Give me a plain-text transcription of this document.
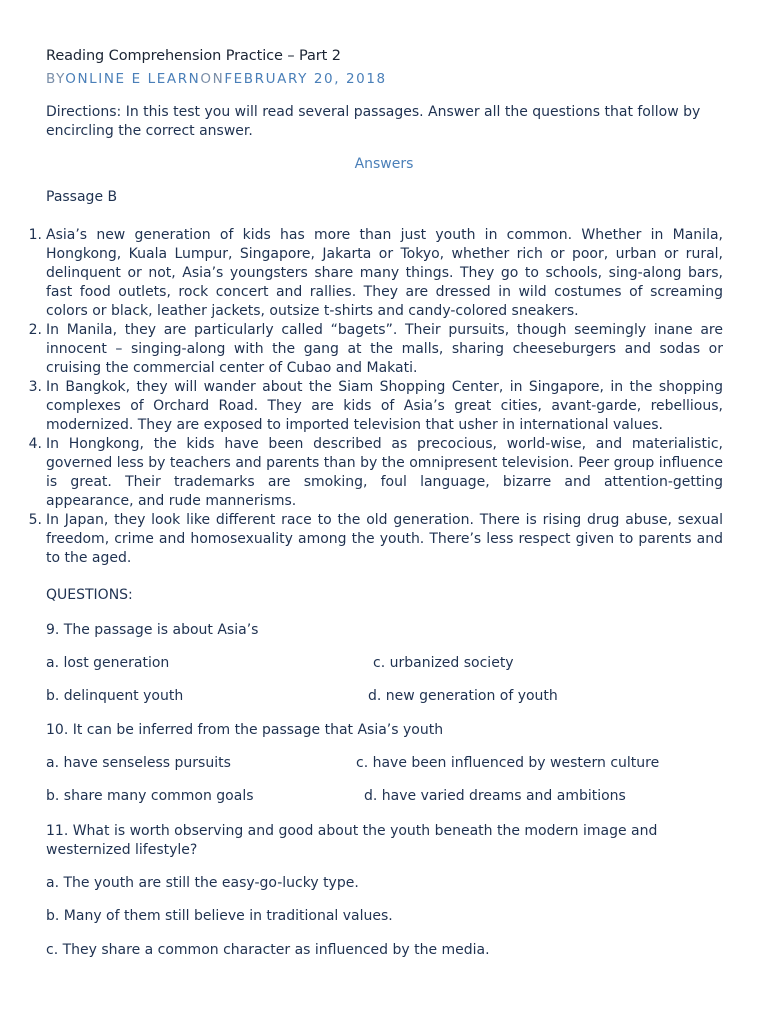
Reading Comprehension Practice – Part 2
BYONLINE E LEARNONFEBRUARY 20, 2018
Directions: In this test you will read several passages. Answer all the questions that follow by encircling the correct answer.
Answers
Passage B
1. Asia’s new generation of kids has more than just youth in common. Whether in Manila, Hongkong, Kuala Lumpur, Singapore, Jakarta or Tokyo, whether rich or poor, urban or rural, delinquent or not, Asia’s youngsters share many things. They go to schools, sing-along bars, fast food outlets, rock concert and rallies. They are dressed in wild costumes of screaming colors or black, leather jackets, outsize t-shirts and candy-colored sneakers.
2. In Manila, they are particularly called “bagets”. Their pursuits, though seemingly inane are innocent – singing-along with the gang at the malls, sharing cheeseburgers and sodas or cruising the commercial center of Cubao and Makati.
3. In Bangkok, they will wander about the Siam Shopping Center, in Singapore, in the shopping complexes of Orchard Road. They are kids of Asia’s great cities, avant-garde, rebellious, modernized. They are exposed to imported television that usher in international values.
4. In Hongkong, the kids have been described as precocious, world-wise, and materialistic, governed less by teachers and parents than by the omnipresent television. Peer group influence is great. Their trademarks are smoking, foul language, bizarre and attention-getting appearance, and rude mannerisms.
5. In Japan, they look like different race to the old generation. There is rising drug abuse, sexual freedom, crime and homosexuality among the youth. There’s less respect given to parents and to the aged.
QUESTIONS:
9. The passage is about Asia’s
a. lost generation	c. urbanized society
b. delinquent youth	d. new generation of youth
10. It can be inferred from the passage that Asia’s youth
a. have senseless pursuits	c. have been influenced by western culture
b. share many common goals	d. have varied dreams and ambitions
11. What is worth observing and good about the youth beneath the modern image and westernized lifestyle?
a. The youth are still the easy-go-lucky type.
b. Many of them still believe in traditional values.
c. They share a common character as influenced by the media.
